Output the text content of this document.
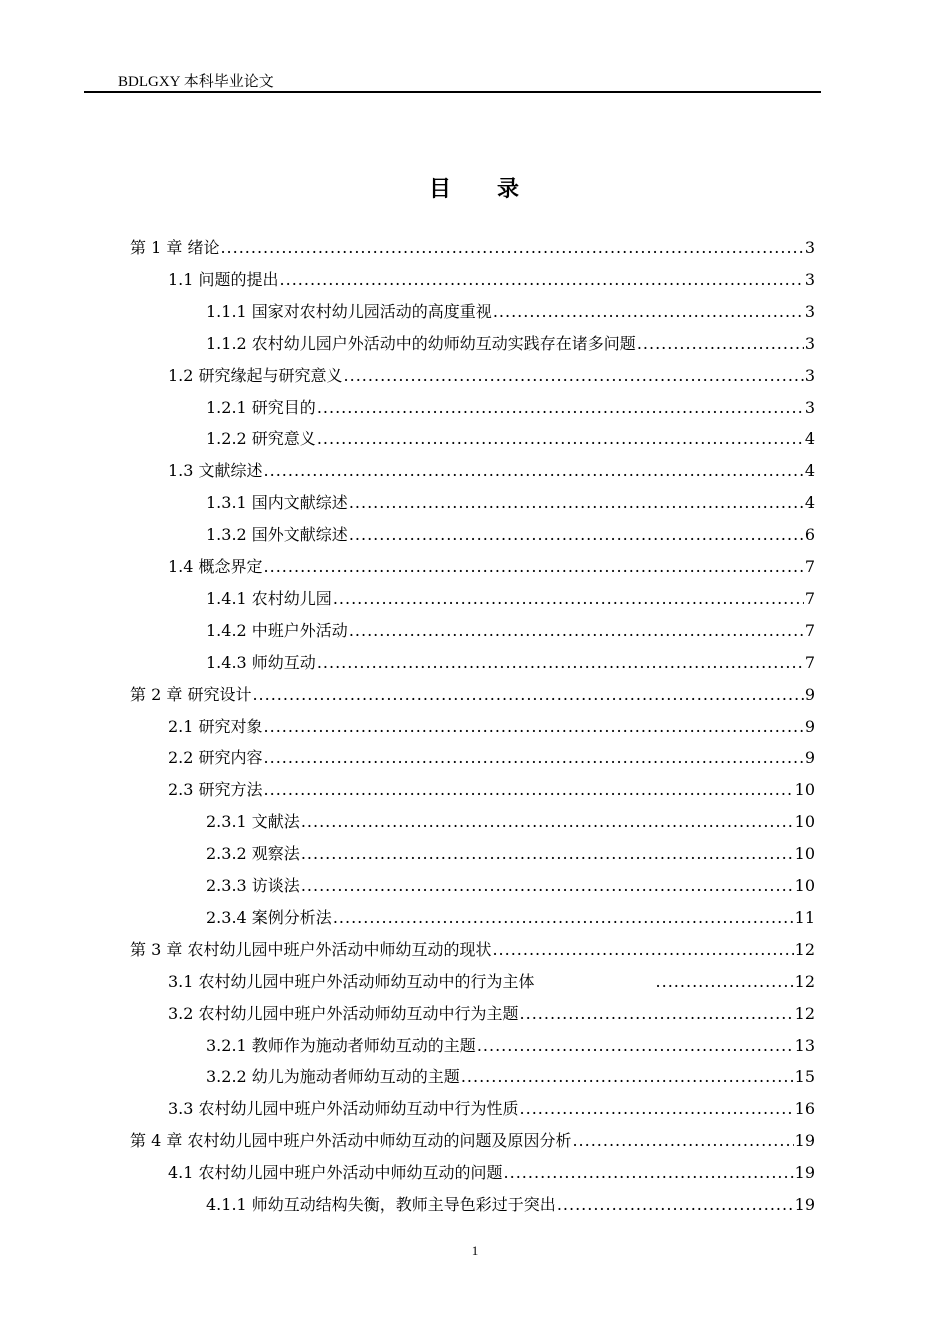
BDLGXY 本科毕业论文
目 录
第 1 章 绪论 .....	3
1.1 问题的提出 .....	3
1.1.1 国家对农村幼儿园活动的高度重视 .....	3
1.1.2 农村幼儿园户外活动中的幼师幼互动实践存在诸多问题 .....	3
1.2 研究缘起与研究意义 .....	3
1.2.1 研究目的 .....	3
1.2.2 研究意义 .....	4
1.3 文献综述 .....	4
1.3.1 国内文献综述 .....	4
1.3.2 国外文献综述 .....	6
1.4 概念界定 .....	7
1.4.1 农村幼儿园 .....	7
1.4.2 中班户外活动 .....	7
1.4.3 师幼互动 .....	7
第 2 章 研究设计 .....	9
2.1 研究对象 .....	9
2.2 研究内容 .....	9
2.3 研究方法 .....	10
2.3.1 文献法 .....	10
2.3.2 观察法 .....	10
2.3.3 访谈法 .....	10
2.3.4 案例分析法 .....	11
第 3 章 农村幼儿园中班户外活动中师幼互动的现状 .....	12
3.1 农村幼儿园中班户外活动师幼互动中的行为主体 .....	12
3.2 农村幼儿园中班户外活动师幼互动中行为主题 .....	12
3.2.1 教师作为施动者师幼互动的主题 .....	13
3.2.2 幼儿为施动者师幼互动的主题 .....	15
3.3 农村幼儿园中班户外活动师幼互动中行为性质 .....	16
第 4 章 农村幼儿园中班户外活动中师幼互动的问题及原因分析 .....	19
4.1 农村幼儿园中班户外活动中师幼互动的问题 .....	19
4.1.1 师幼互动结构失衡，教师主导色彩过于突出 .....	19
1
